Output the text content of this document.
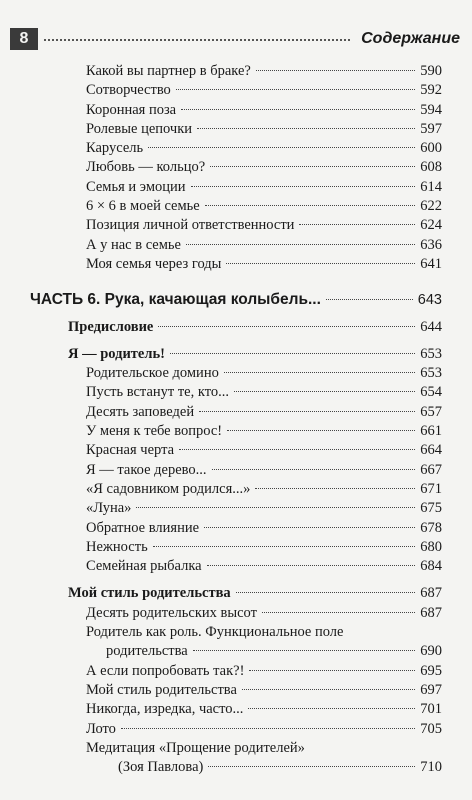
8	Содержание
Какой вы партнер в браке?	590
Сотворчество	592
Коронная поза	594
Ролевые цепочки	597
Карусель	600
Любовь — кольцо?	608
Семья и эмоции	614
6 × 6 в моей семье	622
Позиция личной ответственности	624
А у нас в семье	636
Моя семья через годы	641
ЧАСТЬ 6. Рука, качающая колыбель...	643
Предисловие	644
Я — родитель!	653
Родительское домино	653
Пусть встанут те, кто...	654
Десять заповедей	657
У меня к тебе вопрос!	661
Красная черта	664
Я — такое дерево...	667
«Я садовником родился...»	671
«Луна»	675
Обратное влияние	678
Нежность	680
Семейная рыбалка	684
Мой стиль родительства	687
Десять родительских высот	687
Родитель как роль. Функциональное поле
родительства	690
А если попробовать так?!	695
Мой стиль родительства	697
Никогда, изредка, часто...	701
Лото	705
Медитация «Прощение родителей»
(Зоя Павлова)	710
